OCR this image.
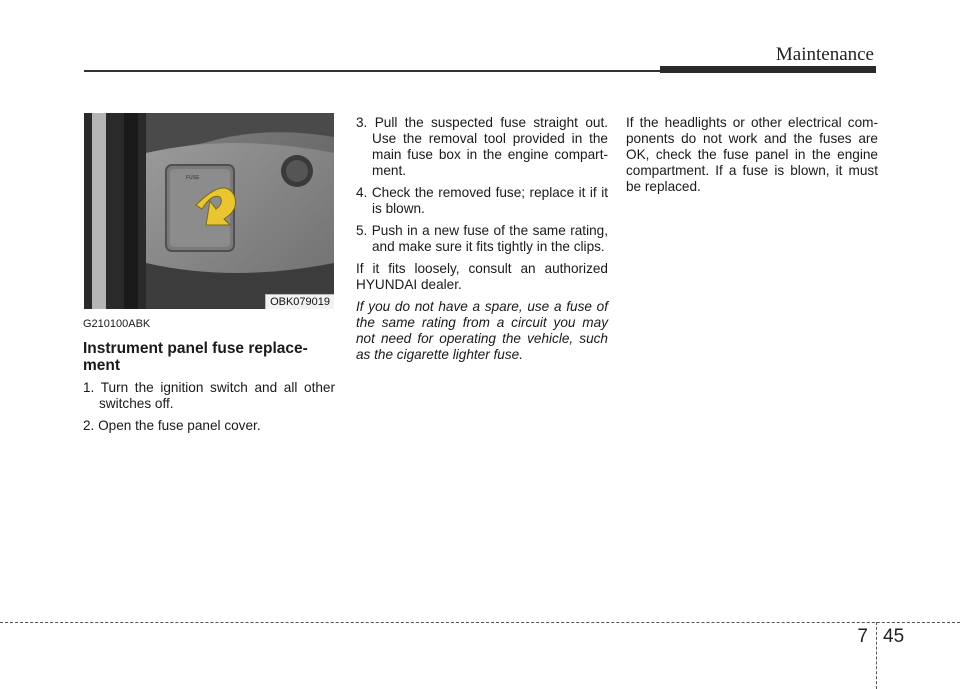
Maintenance
FUSE
OBK079019
G210100ABK
Instrument panel fuse replace-ment

1. Turn the ignition switch and all other switches off.

2. Open the fuse panel cover.

3. Pull the suspected fuse straight out. Use the removal tool provided in the main fuse box in the engine compart-ment.

4. Check the removed fuse; replace it if it is blown.

5. Push in a new fuse of the same rating, and make sure it fits tightly in the clips.

If it fits loosely, consult an authorized HYUNDAI dealer.

If you do not have a spare, use a fuse of the same rating from a circuit you may not need for operating the vehicle, such as the cigarette lighter fuse.

If the headlights or other electrical com-ponents do not work and the fuses are OK, check the fuse panel in the engine compartment. If a fuse is blown, it must be replaced.

7 45
